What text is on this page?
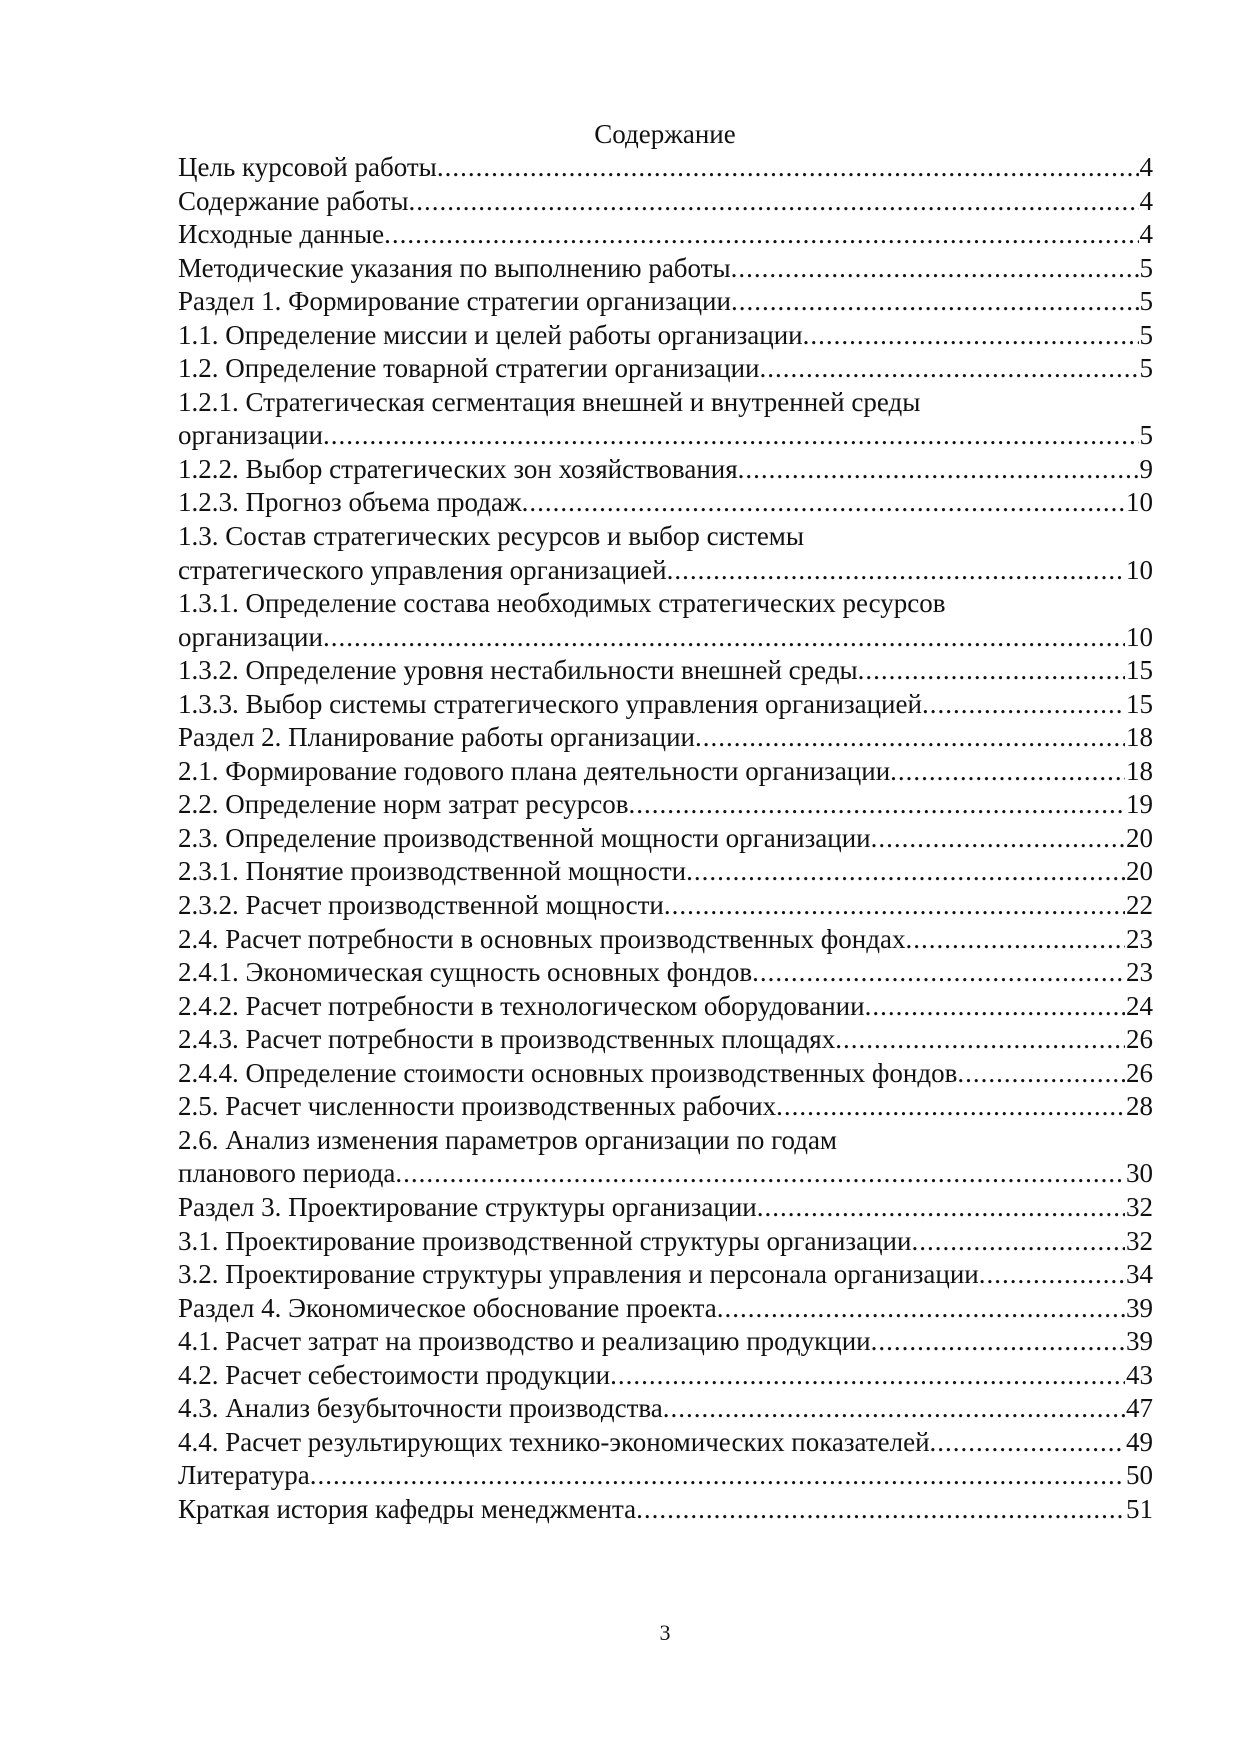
Содержание
Цель курсовой работы .....	4
Содержание работы .....	4
Исходные данные .....	4
Методические указания по выполнению работы .....	5
Раздел 1. Формирование стратегии организации .....	5
1.1. Определение миссии и целей работы организации .....	5
1.2. Определение товарной стратегии организации .....	5
1.2.1. Стратегическая сегментация внешней и внутренней среды
организации .....	5
1.2.2. Выбор стратегических зон хозяйствования .....	9
1.2.3. Прогноз объема продаж .....	10
1.3. Состав стратегических ресурсов и выбор системы
стратегического управления организацией .....	10
1.3.1. Определение состава необходимых стратегических ресурсов
организации .....	10
1.3.2. Определение уровня нестабильности внешней среды .....	15
1.3.3. Выбор системы стратегического управления организацией .....	15
Раздел 2. Планирование работы организации .....	18
2.1. Формирование годового плана деятельности организации .....	18
2.2. Определение норм затрат ресурсов .....	19
2.3. Определение производственной мощности организации .....	20
2.3.1. Понятие производственной мощности .....	20
2.3.2. Расчет производственной мощности .....	22
2.4. Расчет потребности в основных производственных фондах .....	23
2.4.1. Экономическая сущность основных фондов .....	23
2.4.2. Расчет потребности в технологическом оборудовании .....	24
2.4.3. Расчет потребности в производственных площадях .....	26
2.4.4. Определение стоимости основных производственных фондов .....	26
2.5. Расчет численности производственных рабочих .....	28
2.6. Анализ изменения параметров организации по годам
планового периода .....	30
Раздел 3. Проектирование структуры организации .....	32
3.1. Проектирование производственной структуры организации .....	32
3.2. Проектирование структуры управления и персонала организации .....	34
Раздел 4. Экономическое обоснование проекта .....	39
4.1. Расчет затрат на производство и реализацию продукции .....	39
4.2. Расчет себестоимости продукции .....	43
4.3. Анализ безубыточности производства .....	47
4.4. Расчет результирующих технико-экономических показателей .....	49
Литература .....	50
Краткая история кафедры менеджмента .....	51
3
